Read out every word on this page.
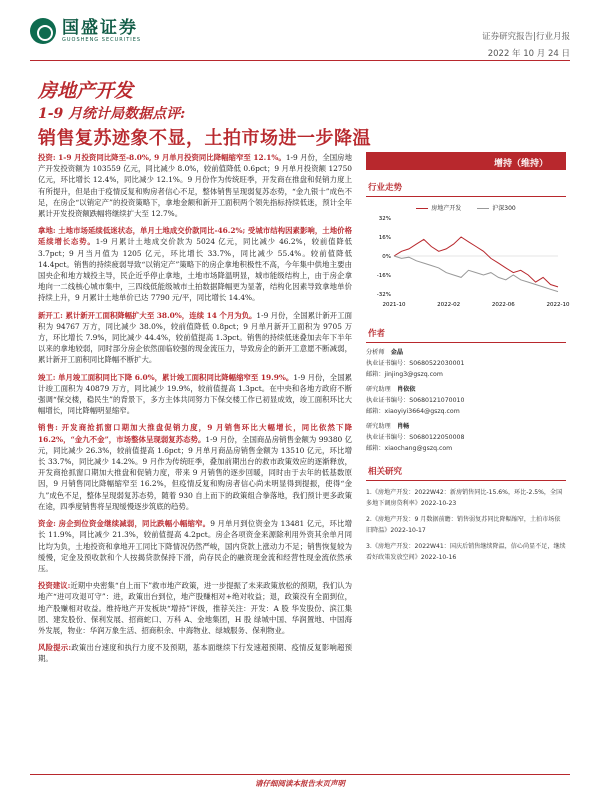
国盛证券
GUOSHENG SECURITIES	证券研究报告|行业月报
2022 年 10 月 24 日
房地产开发
1-9 月统计局数据点评:
销售复苏迹象不显，土拍市场进一步降温

投资: 1-9 月投资同比降至-8.0%, 9 月单月投资同比降幅缩窄至 12.1%。1-9 月份，全国房地产开发投资额为 103559 亿元，同比减少 8.0%，较前值降低 0.6pct；9 月单月投资额 12750 亿元，环比增长 12.4%，同比减少 12.1%。9 月份作为传统旺季，开发商在推盘和促销力度上有所提升，但是由于疫情反复和购房者信心不足，整体销售呈现弱复苏态势，“金九银十”成色不足，在房企“以销定产”的投资策略下，拿地金额和新开工面积两个领先指标持续低迷，预计全年累计开发投资额跌幅将继续扩大至 12.7%。

拿地: 土地市场延续低迷状态，单月土地成交价款同比-46.2%; 受城市结构因素影响，土地价格延续增长态势。1-9 月累计土地成交价款为 5024 亿元，同比减少 46.2%，较前值降低 3.7pct；9 月当月值为 1205 亿元，环比增长 33.7%，同比减少 55.4%。较前值降低 14.4pct。销售的持续疲弱导致“以销定产”策略下的房企拿地积极性不高，今年集中供地主要由国央企和地方城投主导，民企近乎停止拿地，土地市场降温明显，城市能级结构上，由于房企拿地向一二线核心城市集中，三四线低能级城市土拍数据降幅更为显著，结构化因素导致拿地单价持续上升，9 月累计土地单价已达 7790 元/平，同比增长 14.4%。

新开工: 累计新开工面积降幅扩大至 38.0%，连续 14 个月为负。1-9 月份，全国累计新开工面积为 94767 万方，同比减少 38.0%，较前值降低 0.8pct；9 月单月新开工面积为 9705 万方，环比增长 7.9%，同比减少 44.4%，较前值提高 1.3pct。销售的持续低迷叠加去年下半年以来的拿地较弱，同时部分房企依然面临较强的现金流压力，导致房企的新开工意愿不断减弱，累计新开工面积同比降幅不断扩大。

竣工: 单月竣工面积同比下降 6.0%，累计竣工面积同比降幅缩窄至 19.9%。1-9 月份，全国累计竣工面积为 40879 万方，同比减少 19.9%，较前值提高 1.3pct。在中央和各地方政府不断强调“保交楼，稳民生”的背景下，多方主体共同努力下保交楼工作已初显成效，竣工面积环比大幅增长，同比降幅明显缩窄。

销售: 开发商抢抓窗口期加大推盘促销力度，9 月销售环比大幅增长，同比依然下降 16.2%，“金九不金”，市场整体呈现弱复苏态势。1-9 月份，全国商品房销售金额为 99380 亿元，同比减少 26.3%，较前值提高 1.6pct；9 月单月商品房销售金额为 13510 亿元，环比增长 33.7%，同比减少 14.2%。9 月作为传统旺季，叠加前期出台的救市政策效应的逐渐释放，开发商抢抓窗口期加大推盘和促销力度，带来 9 月销售的逐步回暖，同时由于去年的低基数原因，9 月销售同比降幅缩窄至 16.2%，但疫情反复和购房者信心尚未明显得到提振，使得“金九”成色不足，整体呈现弱复苏态势，随着 930 自上而下的政策组合拳落地，我们预计更多政策在途，四季度销售将呈现缓慢逐步筑底的趋势。

资金: 房企到位资金继续减弱，同比跌幅小幅缩窄。9 月单月到位资金为 13481 亿元，环比增长 11.9%，同比减少 21.3%，较前值提高 4.2pct。房企各项资金来源除利用外资其余单月同比均为负，土地投资和拿地开工同比下降情况仍然严峻，国内贷款上涨动力不足；销售恢复较为缓慢，定金及预收款和个人按揭贷款保持下滑，尚存民企的融资现金流和经营性现金流依然承压。

投资建议:近期中央密集“自上而下”救市地产政策，进一步提振了未来政策放松的预期，我们认为地产“进可攻退可守”：进，政策出台到位，地产股赚相对+绝对收益；退，政策没有全面到位，地产股赚相对收益。维持地产开发板块“增持”评级，推荐关注：开发：A 股 华发股份、滨江集团、建发股份、保利发展、招商蛇口、万科 A、金地集团，H 股 绿城中国、华润置地、中国海外发展，物业：华润万象生活、招商积余、中海物业、绿城服务、保利物业。

风险提示:政策出台速度和执行力度不及预期，基本面继续下行发速超预期、疫情反复影响超预期。

增持（维持）
行业走势
房地产开发	沪深300
32%
16%
0%
-16%
-32%
2021-10	2022-02	2022-06	2022-10
作者
分析师　 金晶
执业证书编号：S0680522030001
邮箱：jinjing3@gszq.com
研究助理　 肖依依
执业证书编号：S0680121070010
邮箱：xiaoyiyi3664@gszq.com
研究助理　 肖畅
执业证书编号：S0680122050008
邮箱：xiaochang@gszq.com
相关研究
1.《房地产开发：2022W42：新房销售同比-15.6%，环比-2.5%，全国多地下调房贷利率》2022-10-23
2.《房地产开发：9 月数据前瞻：销售弱复苏同比降幅缩窄，土拍市场依旧降温》2022-10-17
3.《房地产开发：2022W41：国庆后销售继续降温，信心尚显不足，继续看好政策发放空间》2022-10-16
请仔细阅读本报告末页声明
